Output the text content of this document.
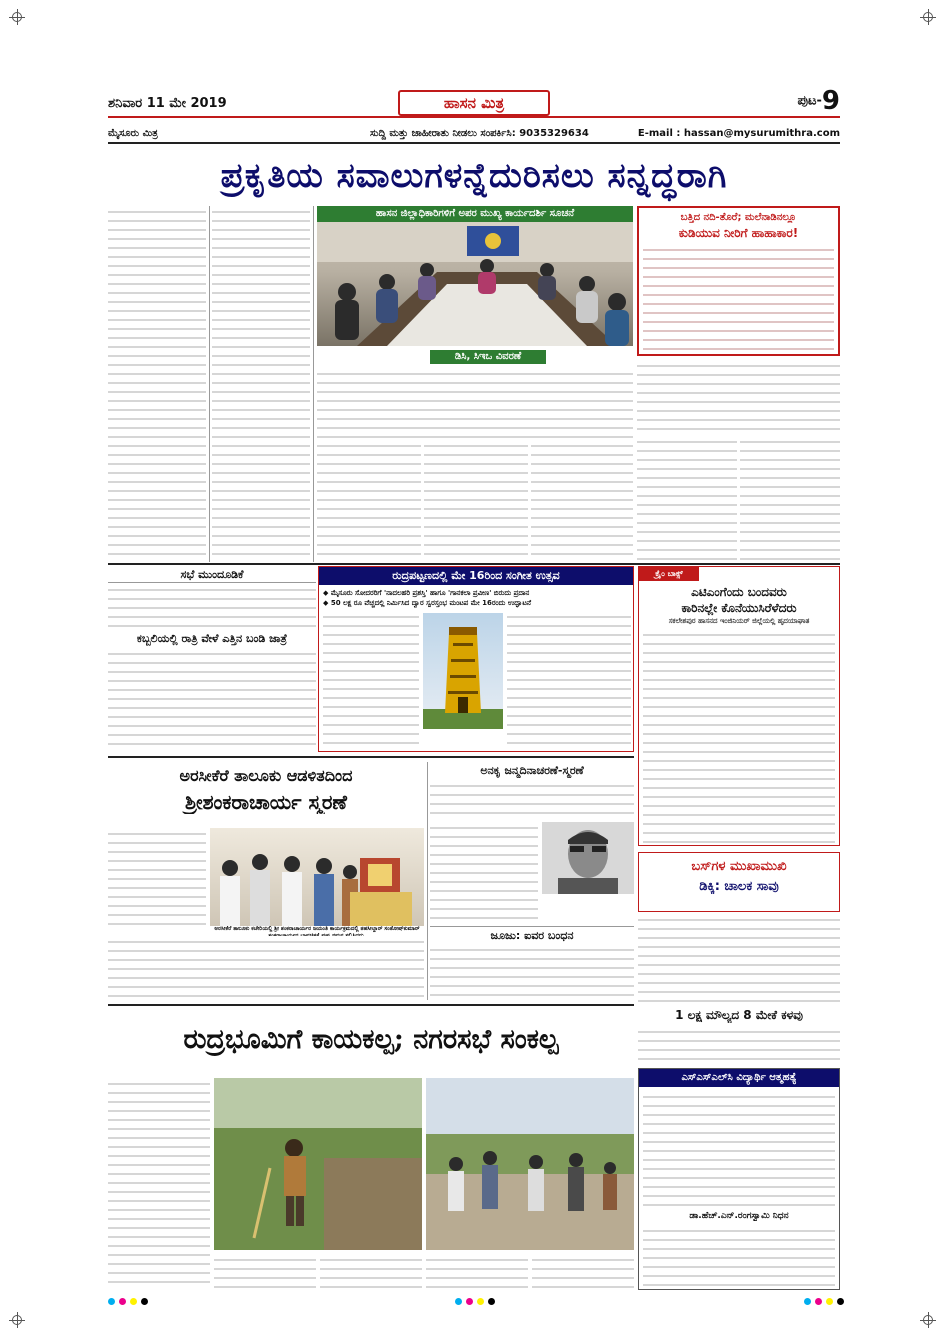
ಶನಿವಾರ 11 ಮೇ 2019	ಹಾಸನ ಮಿತ್ರ	ಪುಟ-9
ಮೈಸೂರು ಮಿತ್ರ	ಸುದ್ದಿ ಮತ್ತು ಜಾಹೀರಾತು ನೀಡಲು ಸಂಪರ್ಕಿಸಿ: 9035329634	E-mail : hassan@mysurumithra.com
ಪ್ರಕೃತಿಯ ಸವಾಲುಗಳನ್ನೆದುರಿಸಲು ಸನ್ನದ್ಧರಾಗಿ
ಹಾಸನ ಜಿಲ್ಲಾಧಿಕಾರಿಗಳಿಗೆ ಅಪರ ಮುಖ್ಯ ಕಾರ್ಯದರ್ಶಿ ಸೂಚನೆ
ಡಿಸಿ, ಸಿಇಒ ವಿವರಣೆ
ಬತ್ತಿದ ನದಿ-ತೊರೆ; ಮಲೆನಾಡಿನಲ್ಲೂ
ಕುಡಿಯುವ ನೀರಿಗೆ ಹಾಹಾಕಾರ!
ಸಭೆ ಮುಂದೂಡಿಕೆ
ಕಬ್ಬಲಿಯಲ್ಲಿ ರಾತ್ರಿ ವೇಳೆ ಎತ್ತಿನ ಬಂಡಿ ಜಾತ್ರೆ
ರುದ್ರಪಟ್ಟಣದಲ್ಲಿ ಮೇ 16ರಿಂದ ಸಂಗೀತ ಉತ್ಸವ
◆ ಮೈಸೂರು ಸೋದರರಿಗೆ 'ನಾದಲಹರಿ ಪ್ರಶಸ್ತಿ' ಹಾಗೂ 'ಗಾನಕಲಾ ಪ್ರವೀಣ' ಬಿರುದು ಪ್ರದಾನ
◆ 50 ಲಕ್ಷ ರೂ ವೆಚ್ಚದಲ್ಲಿ ನಿರ್ಮಿಸಿದ ದ್ವಾರ ಸ್ವರಸ್ತಂಭ ಮಂಟಪ ಮೇ 16ರಂದು ಉದ್ಘಾಟನೆ
ಕ್ರೈಂ ಬಾಕ್ಸ್
ಎಟಿಎಂಗೆಂದು ಬಂದವರು
ಕಾರಿನಲ್ಲೇ ಕೊನೆಯುಸಿರೆಳೆದರು
ಸಕಲೇಶಪುರ ಹಾಸನದ ಇಂಜಿನಿಯರ್ ಜಿಲ್ಲೆಯಲ್ಲಿ ಹೃದಯಾಘಾತ
ಅರಸೀಕೆರೆ ತಾಲೂಕು ಆಡಳಿತದಿಂದ
ಶ್ರೀಶಂಕರಾಚಾರ್ಯ ಸ್ಮರಣೆ
ಅರಸೀಕೆರೆ ತಾಲೂಕು ಕಚೇರಿಯಲ್ಲಿ ಶ್ರೀ ಶಂಕರಾಚಾರ್ಯರ ಜಯಂತಿ ಕಾರ್ಯಕ್ರಮದಲ್ಲಿ ತಹಸೀಲ್ದಾರ್ ಸಂತೋಷ್‌ಕುಮಾರ್
ಅನಕೃ ಜನ್ಮದಿನಾಚರಣೆ-ಸ್ಮರಣೆ
ಜೂಜು: ಐವರ ಬಂಧನ
ಬಸ್‌ಗಳ ಮುಖಾಮುಖಿ
ಡಿಕ್ಕಿ: ಚಾಲಕ ಸಾವು
1 ಲಕ್ಷ ಮೌಲ್ಯದ 8 ಮೇಕೆ ಕಳವು
ರುದ್ರಭೂಮಿಗೆ ಕಾಯಕಲ್ಪ; ನಗರಸಭೆ ಸಂಕಲ್ಪ
ಎಸ್‌ಎಸ್‌ಎಲ್‌ಸಿ ವಿದ್ಯಾರ್ಥಿ ಆತ್ಮಹತ್ಯೆ
ಡಾ.ಹೆಚ್.ಎನ್.ರಂಗಸ್ವಾಮಿ ನಿಧನ
